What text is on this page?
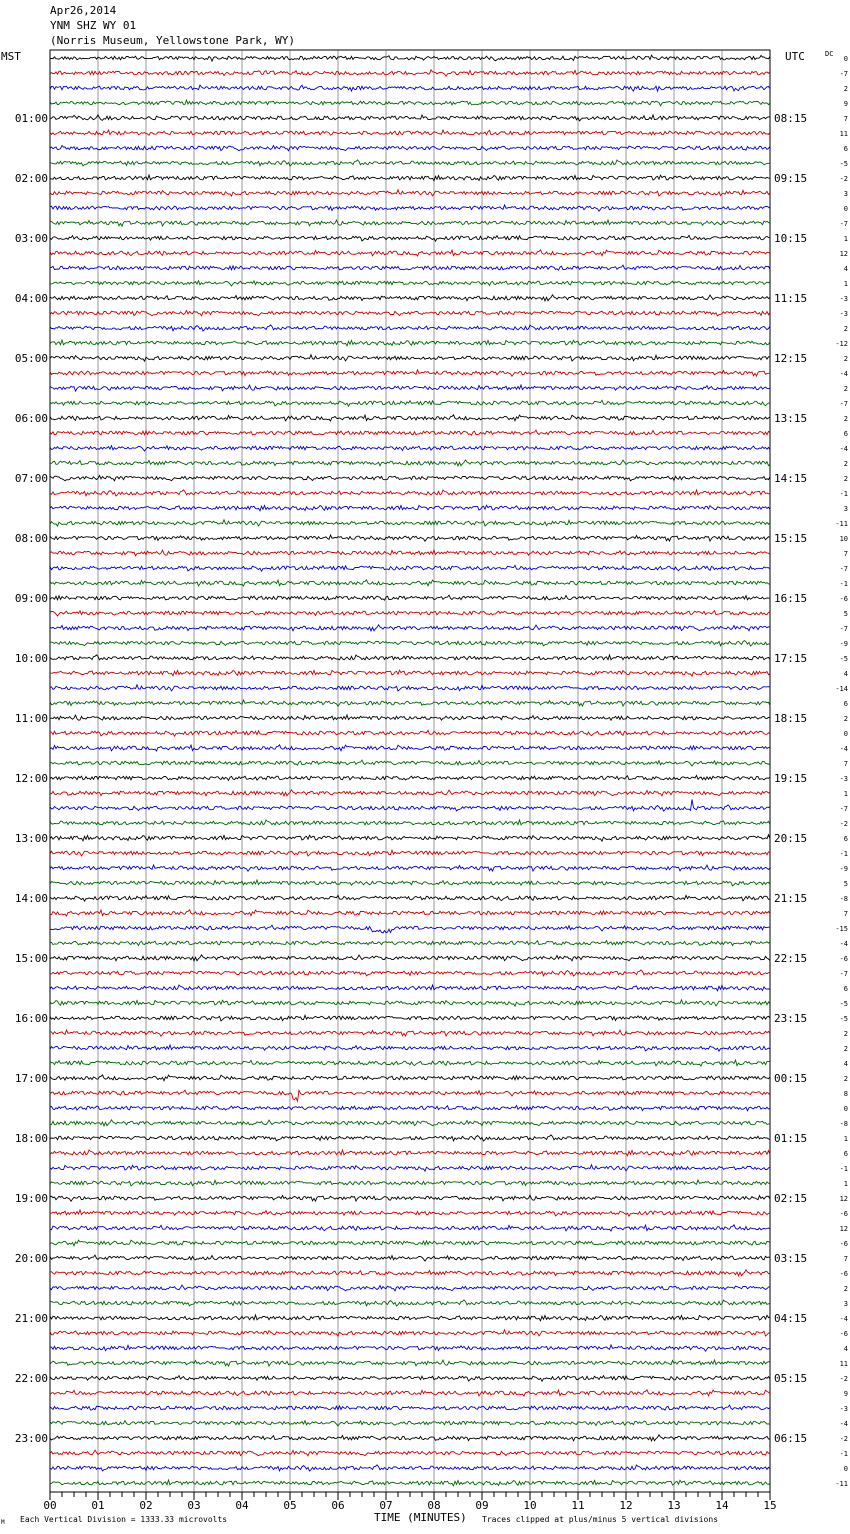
Apr26,2014
YNM SHZ WY 01
(Norris Museum, Yellowstone Park, WY)
MST	UTC	DC
0
-7
2
9
7
11
6
-5
-2
3
0
-7
1
12
4
1
-3
-3
2
-12
2
-4
2
-7
2
6
-4
2
2
-1
3
-11
10
7
-7
-1
-6
5
-7
-9
-5
4
-14
6
2
0
-4
7
-3
1
-7
-2
6
-1
-9
5
-8
7
-15
-4
-6
-7
6
-5
-5
2
2
4
2
8
0
-8
1
6
-1
1
12
-6
12
-6
7
-6
2
3
-4
-6
4
11
-2
9
-3
-4
-2
-1
0
-11
01:00	08:15
02:00	09:15
03:00	10:15
04:00	11:15
05:00	12:15
06:00	13:15
07:00	14:15
08:00	15:15
09:00	16:15
10:00	17:15
11:00	18:15
12:00	19:15
13:00	20:15
14:00	21:15
15:00	22:15
16:00	23:15
17:00	00:15
18:00	01:15
19:00	02:15
20:00	03:15
21:00	04:15
22:00	05:15
23:00	06:15
00	01	02	03	04	05	06	07	08	09	10	11	12	13	14	15
M Each Vertical Division = 1333.33 microvolts	TIME (MINUTES) Traces clipped at plus/minus 5 vertical divisions
